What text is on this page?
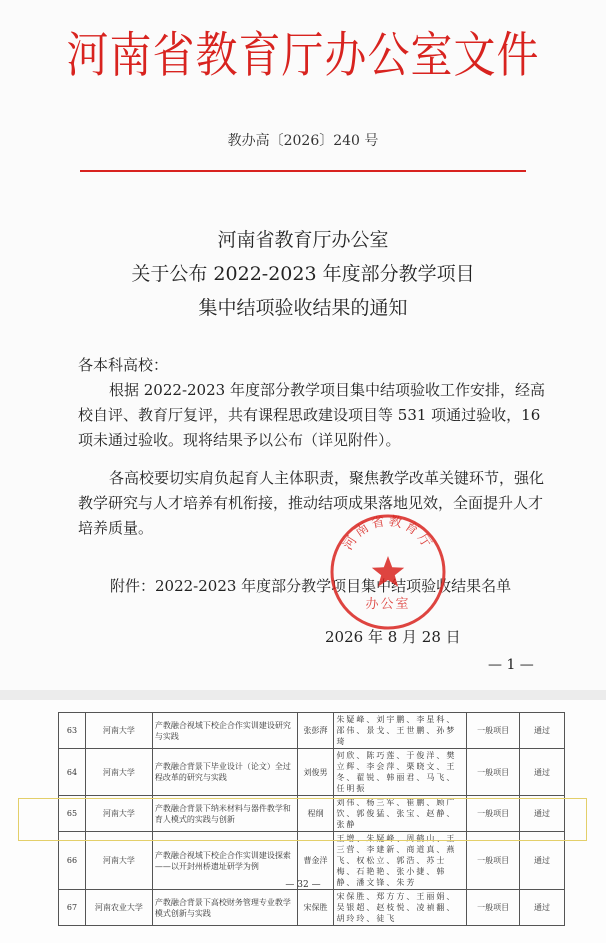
河南省教育厅办公室文件
教办高〔2026〕240 号
河南省教育厅办公室
关于公布 2022-2023 年度部分教学项目
集中结项验收结果的通知
各本科高校：

根据 2022-2023 年度部分教学项目集中结项验收工作安排，经高校自评、教育厅复评，共有课程思政建设项目等 531 项通过验收，16 项未通过验收。现将结果予以公布（详见附件）。

各高校要切实肩负起育人主体职责，聚焦教学改革关键环节，强化教学研究与人才培养有机衔接，推动结项成果落地见效，全面提升人才培养质量。

附件：2022-2023 年度部分教学项目集中结项验收结果名单
2026 年 8 月 28 日
— 1 —
河南省教育厅
办公室
63	河南大学	产教融合视域下校企合作实训建设研究与实践	张彭湃	朱疑峰、刘宇鹏、李星科、邵伟、景戈、王世鹏、孙梦琦	一般项目	通过
64	河南大学	产教融合背景下毕业设计（论文）全过程改革的研究与实践	刘俊男	何欣、陈巧莲、于俊洋、樊立辉、李会萍、栗晓文、王冬、翟锐、韩丽君、马飞、任明振	一般项目	通过
65	河南大学	产教融合背景下纳米材料与器件教学和育人模式的实践与创新	程纲	刘伟、杨三军、崔鹏、顾广饮、郭俊猛、张宝、赵静、张静	一般项目	通过
66	河南大学	产教融合视域下校企合作实训建设探索——以开封州桥遗址研学为例	曹金洋	王增、朱疑峰、周鹤山、王三营、李建新、商道真、燕飞、权松立、郭浩、苏士梅、石艳艳、张小捷、韩静、潘文锋、朱芳	一般项目	通过
67	河南农业大学	产教融合背景下高校财务管理专业教学模式创新与实践	宋保胜	宋保胜、郑方方、王丽娟、吴银超、赵枝悦、凌禎翻、胡玲玲、徒飞	一般项目	通过
— 32 —
